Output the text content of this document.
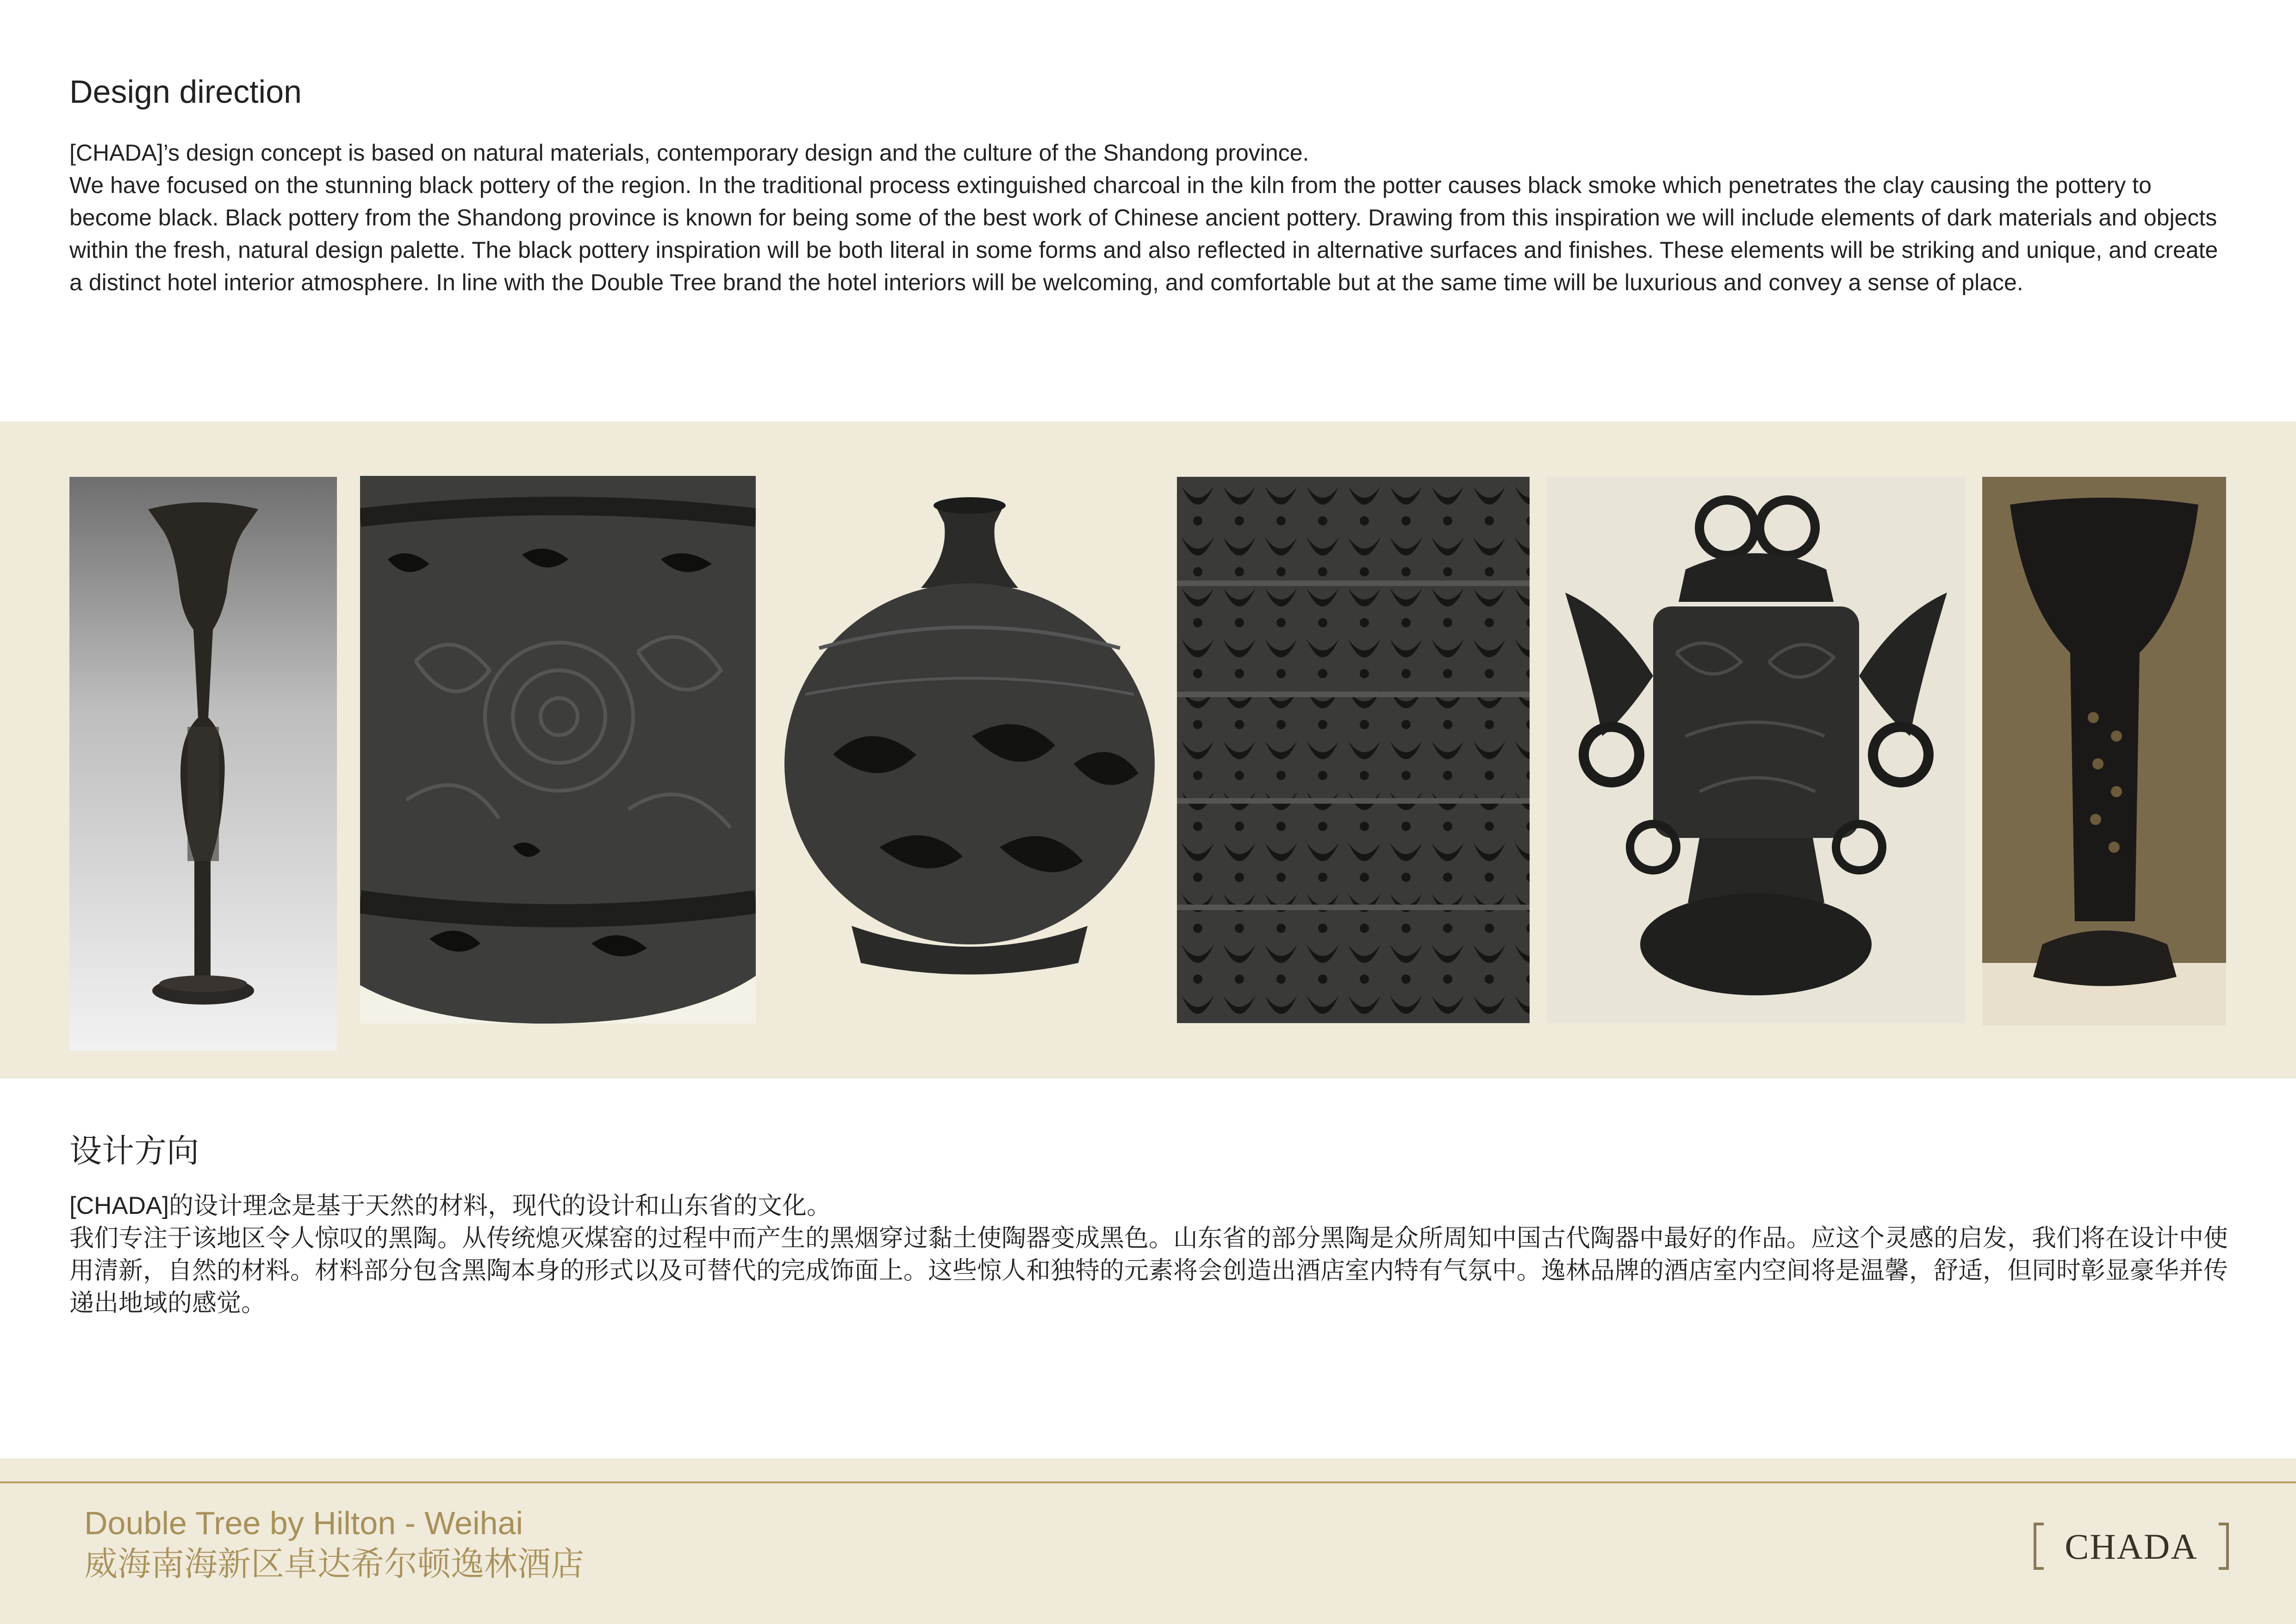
Design direction

[CHADA]’s design concept is based on natural materials, contemporary design and the culture of the Shandong province.

We have focused on the stunning black pottery of the region. In the traditional process extinguished charcoal in the kiln from the potter causes black smoke which penetrates the clay causing the pottery to become black. Black pottery from the Shandong province is known for being some of the best work of Chinese ancient pottery. Drawing from this inspiration we will include elements of dark materials and objects within the fresh, natural design palette. The black pottery inspiration will be both literal in some forms and also reflected in alternative surfaces and finishes. These elements will be striking and unique, and create a distinct hotel interior atmosphere. In line with the Double Tree brand the hotel interiors will be welcoming, and comfortable but at the same time will be luxurious and convey a sense of place.

设计方向

[CHADA]的设计理念是基于天然的材料，现代的设计和山东省的文化。

我们专注于该地区令人惊叹的黑陶。从传统熄灭煤窑的过程中而产生的黑烟穿过黏土使陶器变成黑色。山东省的部分黑陶是众所周知中国古代陶器中最好的作品。应这个灵感的启发，我们将在设计中使用清新，自然的材料。材料部分包含黑陶本身的形式以及可替代的完成饰面上。这些惊人和独特的元素将会创造出酒店室内特有气氛中。逸林品牌的酒店室内空间将是温馨，舒适，但同时彰显豪华并传递出地域的感觉。

Double Tree by Hilton - Weihai
威海南海新区卓达希尔顿逸林酒店	CHADA
